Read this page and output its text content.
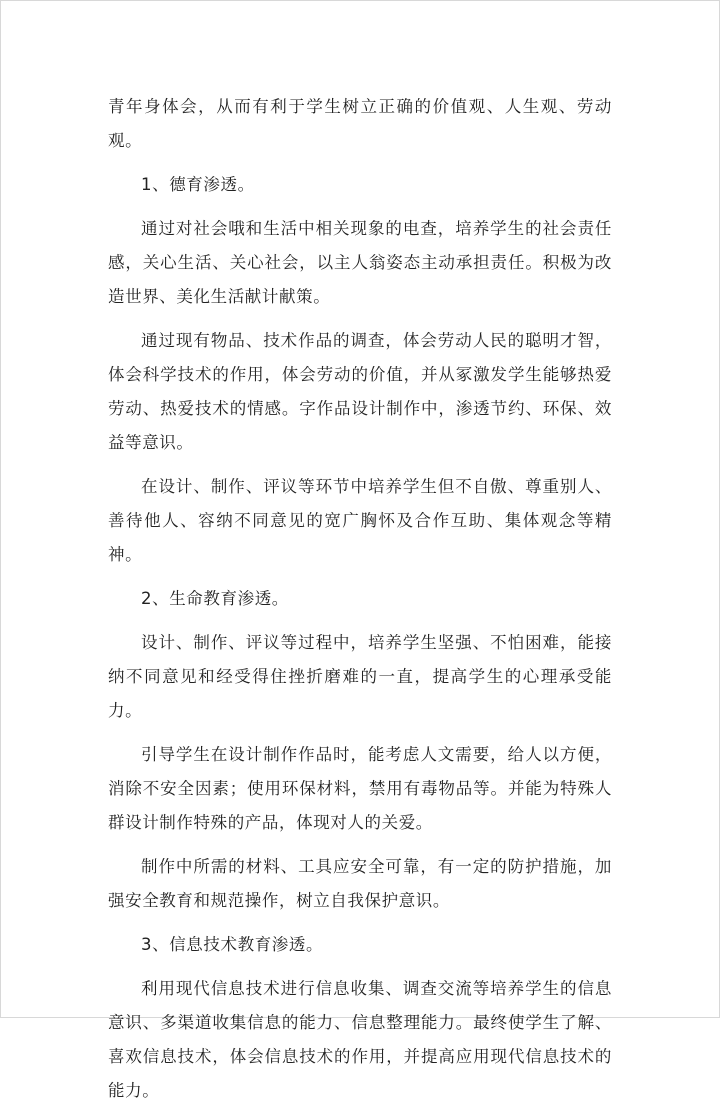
青年身体会，从而有利于学生树立正确的价值观、人生观、劳动观。

1、德育渗透。

通过对社会哦和生活中相关现象的电查，培养学生的社会责任感，关心生活、关心社会，以主人翁姿态主动承担责任。积极为改造世界、美化生活献计献策。

通过现有物品、技术作品的调查，体会劳动人民的聪明才智，体会科学技术的作用，体会劳动的价值，并从冢激发学生能够热爱劳动、热爱技术的情感。字作品设计制作中，渗透节约、环保、效益等意识。

在设计、制作、评议等环节中培养学生但不自傲、尊重别人、善待他人、容纳不同意见的宽广胸怀及合作互助、集体观念等精神。

2、生命教育渗透。

设计、制作、评议等过程中，培养学生坚强、不怕困难，能接纳不同意见和经受得住挫折磨难的一直，提高学生的心理承受能力。

引导学生在设计制作作品时，能考虑人文需要，给人以方便，消除不安全因素；使用环保材料，禁用有毒物品等。并能为特殊人群设计制作特殊的产品，体现对人的关爱。

制作中所需的材料、工具应安全可靠，有一定的防护措施，加强安全教育和规范操作，树立自我保护意识。

3、信息技术教育渗透。

利用现代信息技术进行信息收集、调查交流等培养学生的信息意识、多渠道收集信息的能力、信息整理能力。最终使学生了解、喜欢信息技术，体会信息技术的作用，并提高应用现代信息技术的能力。
